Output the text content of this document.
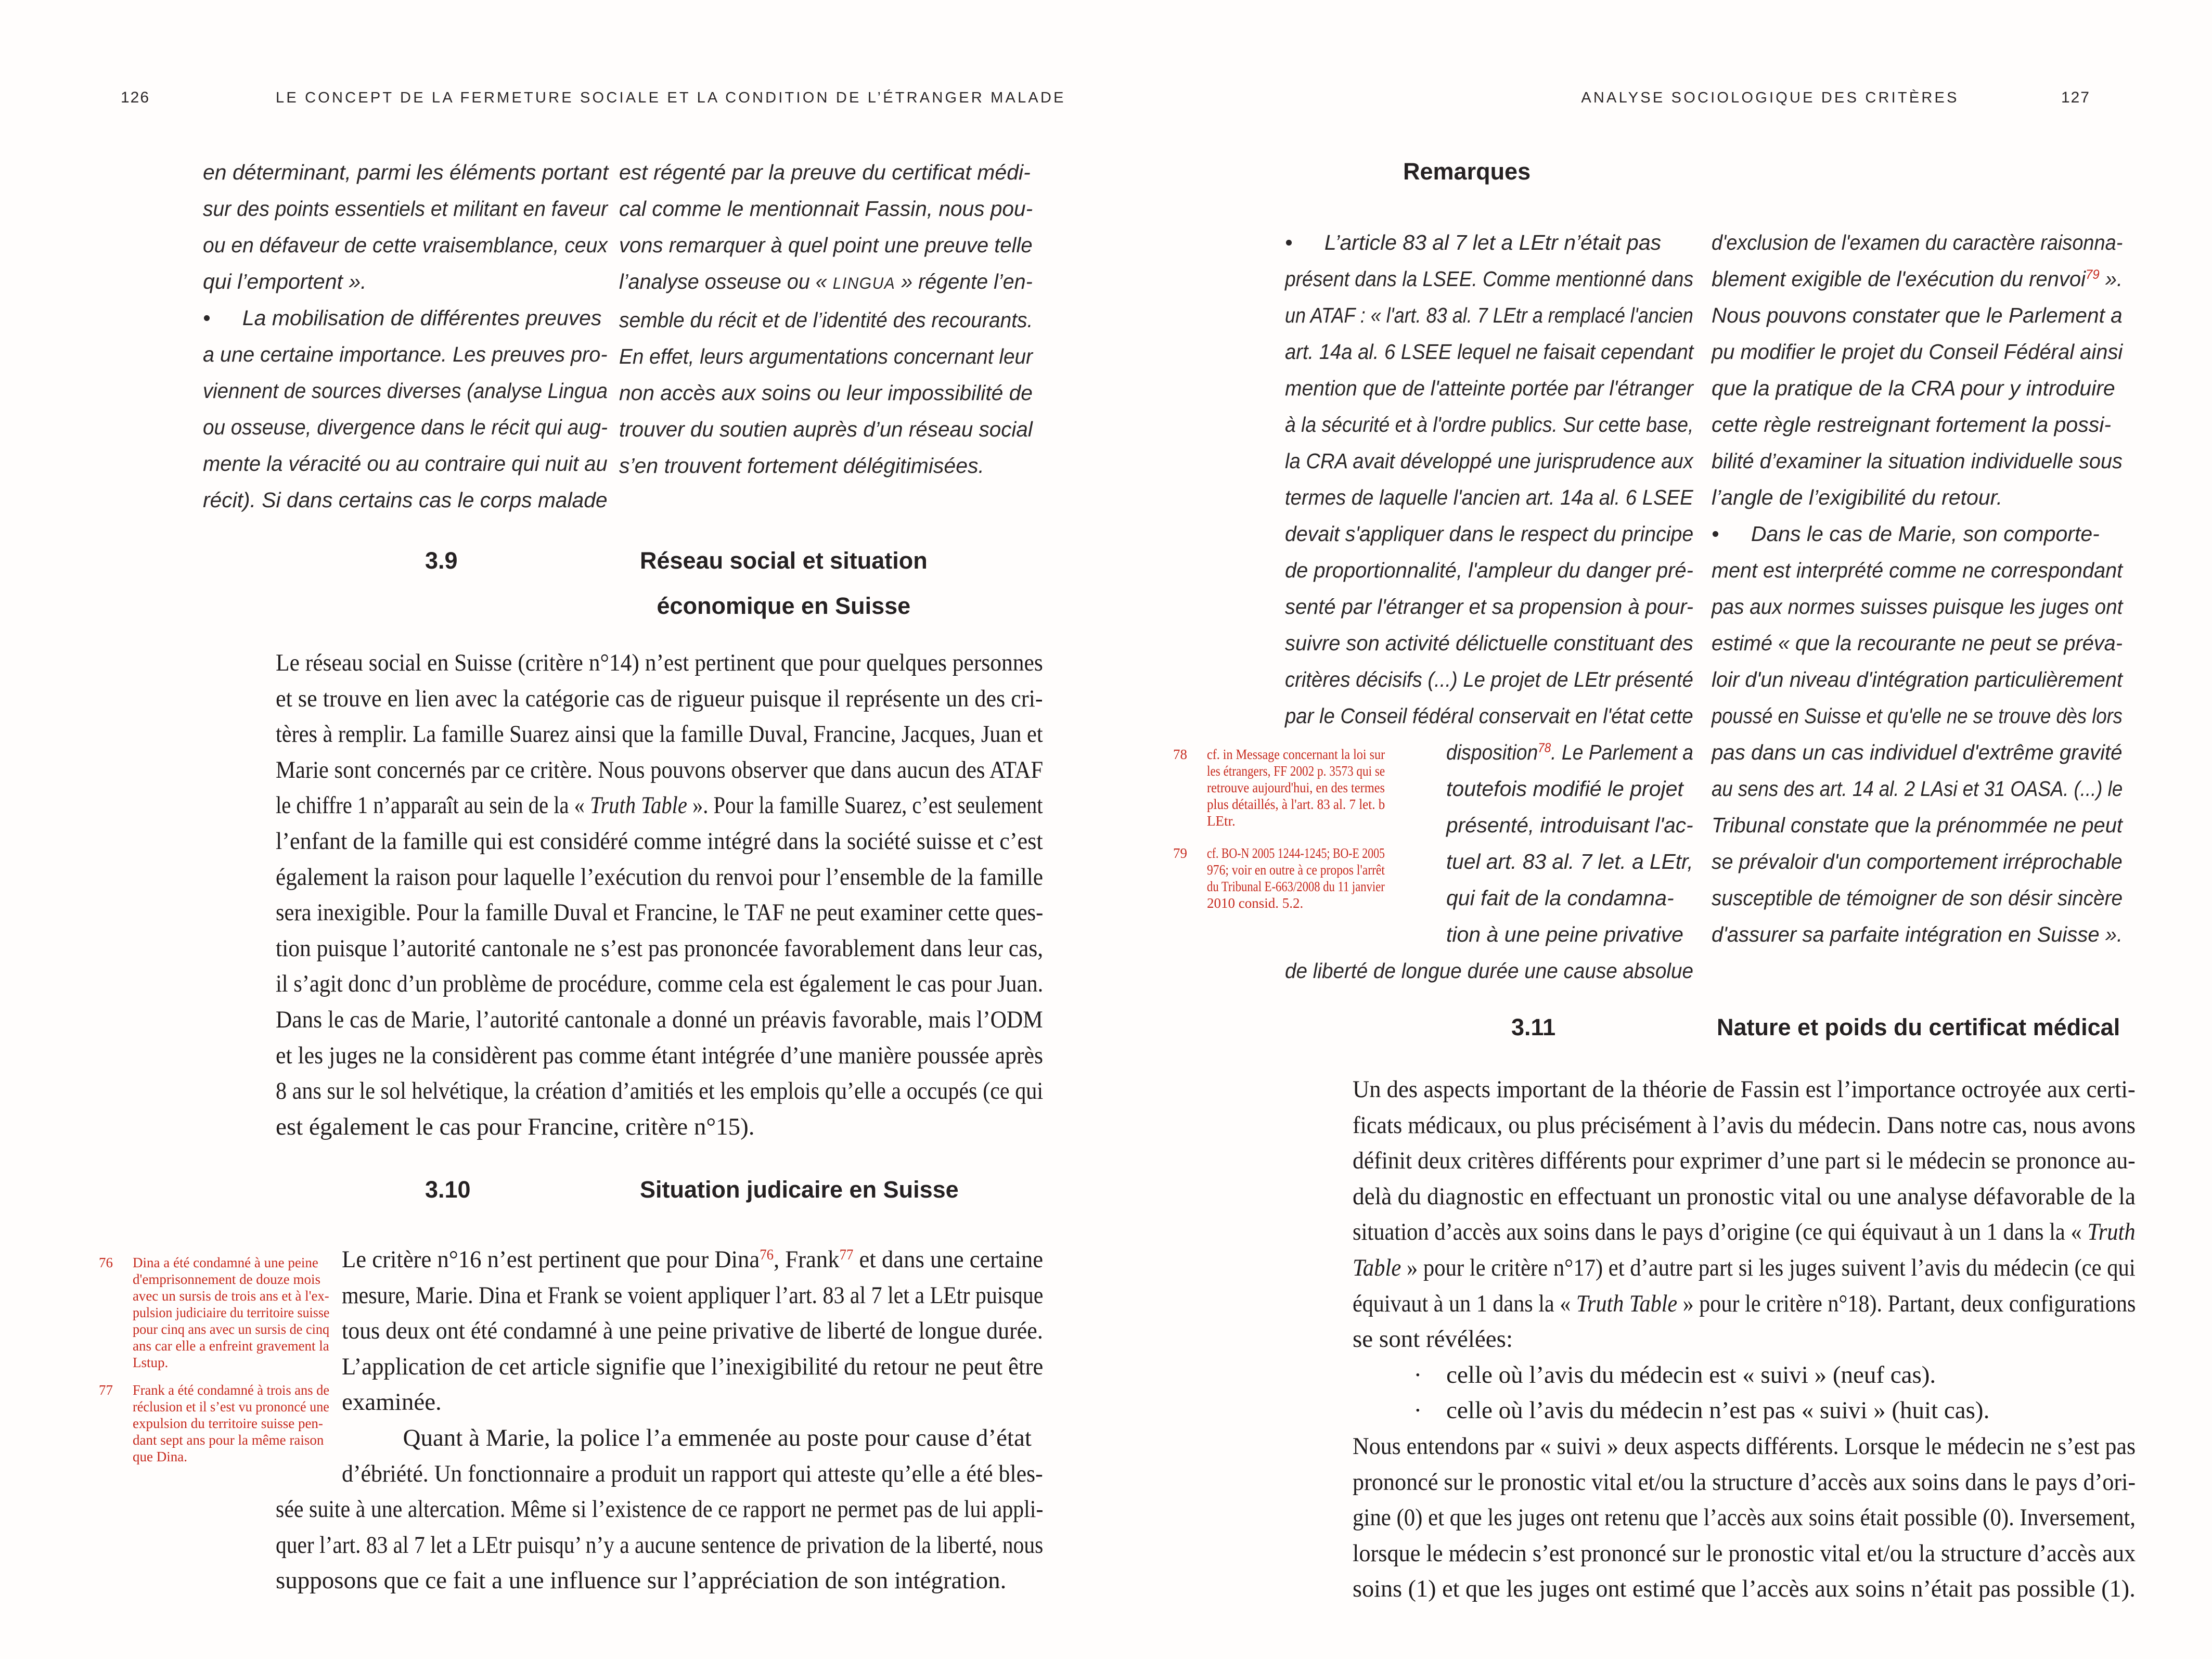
126	LE CONCEPT DE LA FERMETURE SOCIALE ET LA CONDITION DE L’ÉTRANGER MALADE
en déterminant, parmi les éléments portant
sur des points essentiels et militant en faveur
ou en défaveur de cette vraisemblance, ceux
qui l’emportent ».
•  La mobilisation de différentes preuves
a une certaine importance. Les preuves pro-
viennent de sources diverses (analyse Lingua
ou osseuse, divergence dans le récit qui aug-
mente la véracité ou au contraire qui nuit au
récit). Si dans certains cas le corps malade
est régenté par la preuve du certificat médi-
cal comme le mentionnait Fassin, nous pou-
vons remarquer à quel point une preuve telle
l’analyse osseuse ou « LINGUA » régente l’en-
semble du récit et de l’identité des recourants.
En effet, leurs argumentations concernant leur
non accès aux soins ou leur impossibilité de
trouver du soutien auprès d’un réseau social
s’en trouvent fortement délégitimisées.
3.9	Réseau social et situation
économique en Suisse
Le réseau social en Suisse (critère n°14) n’est pertinent que pour quelques personnes
et se trouve en lien avec la catégorie cas de rigueur puisque il représente un des cri-
tères à remplir. La famille Suarez ainsi que la famille Duval, Francine, Jacques, Juan et
Marie sont concernés par ce critère. Nous pouvons observer que dans aucun des ATAF
le chiffre 1 n’apparaît au sein de la « Truth Table ». Pour la famille Suarez, c’est seulement
l’enfant de la famille qui est considéré comme intégré dans la société suisse et c’est
également la raison pour laquelle l’exécution du renvoi pour l’ensemble de la famille
sera inexigible. Pour la famille Duval et Francine, le TAF ne peut examiner cette ques-
tion puisque l’autorité cantonale ne s’est pas prononcée favorablement dans leur cas,
il s’agit donc d’un problème de procédure, comme cela est également le cas pour Juan.
Dans le cas de Marie, l’autorité cantonale a donné un préavis favorable, mais l’ODM
et les juges ne la considèrent pas comme étant intégrée d’une manière poussée après
8 ans sur le sol helvétique, la création d’amitiés et les emplois qu’elle a occupés (ce qui
est également le cas pour Francine, critère n°15).
3.10	Situation judicaire en Suisse
Le critère n°16 n’est pertinent que pour Dina$^{76}$, Frank$^{77}$ et dans une certaine
mesure, Marie. Dina et Frank se voient appliquer l’art. 83 al 7 let a LEtr puisque
tous deux ont été condamné à une peine privative de liberté de longue durée.
L’application de cet article signifie que l’inexigibilité du retour ne peut être
examinée.
   Quant à Marie, la police l’a emmenée au poste pour cause d’état
d’ébriété. Un fonctionnaire a produit un rapport qui atteste qu’elle a été bles-
sée suite à une altercation. Même si l’existence de ce rapport ne permet pas de lui appli-
quer l’art. 83 al 7 let a LEtr puisqu’ n’y a aucune sentence de privation de la liberté, nous
supposons que ce fait a une influence sur l’appréciation de son intégration.
76 Dina a été condamné à une peine
d'emprisonnement de douze mois
avec un sursis de trois ans et à l'ex-
pulsion judiciaire du territoire suisse
pour cinq ans avec un sursis de cinq
ans car elle a enfreint gravement la
Lstup.
77 Frank a été condamné à trois ans de
réclusion et il s’est vu prononcé une
expulsion du territoire suisse pen-
dant sept ans pour la même raison
que Dina.
ANALYSE SOCIOLOGIQUE DES CRITÈRES	127
Remarques
•  L’article 83 al 7 let a LEtr n’était pas
présent dans la LSEE. Comme mentionné dans
un ATAF : « l'art. 83 al. 7 LEtr a remplacé l'ancien
art. 14a al. 6 LSEE lequel ne faisait cependant
mention que de l'atteinte portée par l'étranger
à la sécurité et à l'ordre publics. Sur cette base,
la CRA avait développé une jurisprudence aux
termes de laquelle l'ancien art. 14a al. 6 LSEE
devait s'appliquer dans le respect du principe
de proportionnalité, l'ampleur du danger pré-
senté par l'étranger et sa propension à pour-
suivre son activité délictuelle constituant des
critères décisifs (...) Le projet de LEtr présenté
par le Conseil fédéral conservait en l'état cette
disposition$^{78}$. Le Parlement a
toutefois modifié le projet
présenté, introduisant l'ac-
tuel art. 83 al. 7 let. a LEtr,
qui fait de la condamna-
tion à une peine privative
de liberté de longue durée une cause absolue
d'exclusion de l'examen du caractère raisonna-
blement exigible de l'exécution du renvoi$^{79}$ ».
Nous pouvons constater que le Parlement a
pu modifier le projet du Conseil Fédéral ainsi
que la pratique de la CRA pour y introduire
cette règle restreignant fortement la possi-
bilité d’examiner la situation individuelle sous
l’angle de l’exigibilité du retour.
•  Dans le cas de Marie, son comporte-
ment est interprété comme ne correspondant
pas aux normes suisses puisque les juges ont
estimé « que la recourante ne peut se préva-
loir d'un niveau d'intégration particulièrement
poussé en Suisse et qu'elle ne se trouve dès lors
pas dans un cas individuel d'extrême gravité
au sens des art. 14 al. 2 LAsi et 31 OASA. (...) le
Tribunal constate que la prénommée ne peut
se prévaloir d'un comportement irréprochable
susceptible de témoigner de son désir sincère
d'assurer sa parfaite intégration en Suisse ».
78 cf. in Message concernant la loi sur
les étrangers, FF 2002 p. 3573 qui se
retrouve aujourd'hui, en des termes
plus détaillés, à l'art. 83 al. 7 let. b
LEtr.
79 cf. BO-N 2005 1244-1245; BO-E 2005
976; voir en outre à ce propos l'arrêt
du Tribunal E-663/2008 du 11 janvier
2010 consid. 5.2.
3.11	Nature et poids du certificat médical
Un des aspects important de la théorie de Fassin est l’importance octroyée aux certi-
ficats médicaux, ou plus précisément à l’avis du médecin. Dans notre cas, nous avons
définit deux critères différents pour exprimer d’une part si le médecin se prononce au-
delà du diagnostic en effectuant un pronostic vital ou une analyse défavorable de la
situation d’accès aux soins dans le pays d’origine (ce qui équivaut à un 1 dans la « Truth
Table » pour le critère n°17) et d’autre part si les juges suivent l’avis du médecin (ce qui
équivaut à un 1 dans la « Truth Table » pour le critère n°18). Partant, deux configurations
se sont révélées:
   · celle où l’avis du médecin est « suivi » (neuf cas).
   · celle où l’avis du médecin n’est pas « suivi » (huit cas).
Nous entendons par « suivi » deux aspects différents. Lorsque le médecin ne s’est pas
prononcé sur le pronostic vital et/ou la structure d’accès aux soins dans le pays d’ori-
gine (0) et que les juges ont retenu que l’accès aux soins était possible (0). Inversement,
lorsque le médecin s’est prononcé sur le pronostic vital et/ou la structure d’accès aux
soins (1) et que les juges ont estimé que l’accès aux soins n’était pas possible (1).
